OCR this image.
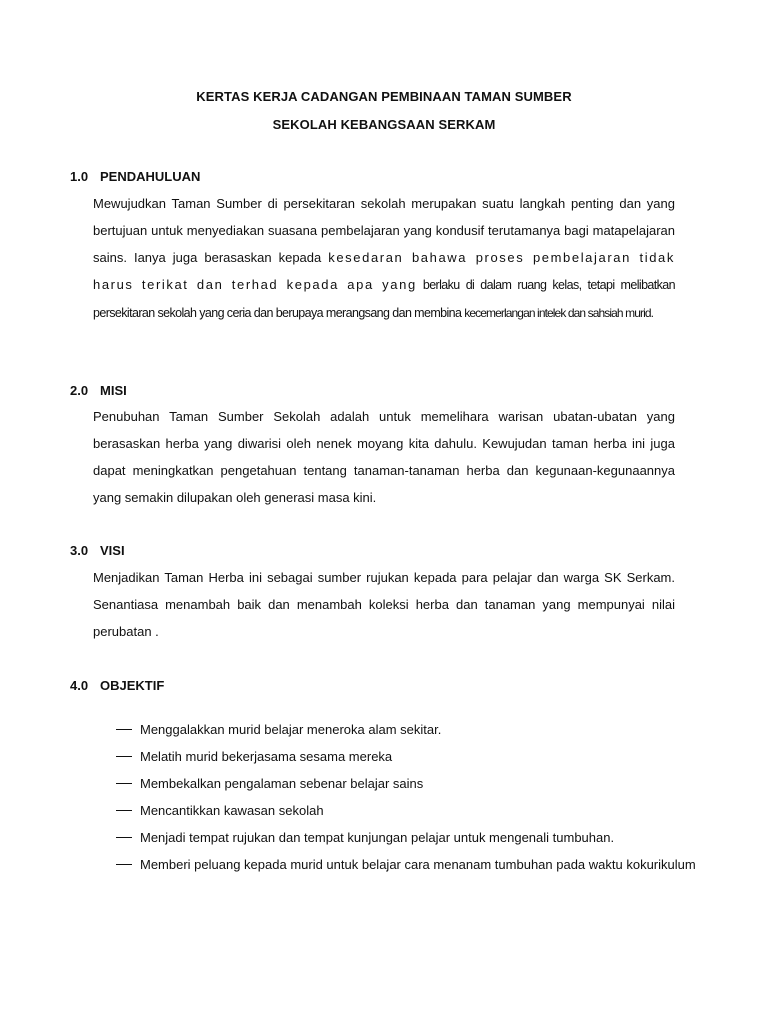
KERTAS KERJA CADANGAN PEMBINAAN TAMAN SUMBER
SEKOLAH KEBANGSAAN SERKAM
1.0 PENDAHULUAN
Mewujudkan Taman Sumber di persekitaran sekolah merupakan suatu langkah penting dan yang bertujuan untuk menyediakan suasana pembelajaran yang kondusif terutamanya bagi matapelajaran sains. Ianya juga berasaskan kepada kesedaran bahawa proses pembelajaran tidak harus terikat dan terhad kepada apa yang berlaku di dalam ruang kelas, tetapi melibatkan persekitaran sekolah yang ceria dan berupaya merangsang dan membina kecemerlangan intelek dan sahsiah murid.
2.0 MISI
Penubuhan Taman Sumber Sekolah adalah untuk memelihara warisan ubatan-ubatan yang berasaskan herba yang diwarisi oleh nenek moyang kita dahulu. Kewujudan taman herba ini juga dapat meningkatkan pengetahuan tentang tanaman-tanaman herba dan kegunaan-kegunaannya yang semakin dilupakan oleh generasi masa kini.
3.0 VISI
Menjadikan Taman Herba ini sebagai sumber rujukan kepada para pelajar dan warga SK Serkam. Senantiasa menambah baik dan menambah koleksi herba dan tanaman yang mempunyai nilai perubatan .
4.0 OBJEKTIF
Menggalakkan murid belajar meneroka alam sekitar.
Melatih murid bekerjasama sesama mereka
Membekalkan pengalaman sebenar belajar sains
Mencantikkan kawasan sekolah
Menjadi tempat rujukan dan tempat kunjungan pelajar untuk mengenali tumbuhan.
Memberi peluang kepada murid untuk belajar cara menanam tumbuhan pada waktu kokurikulum
